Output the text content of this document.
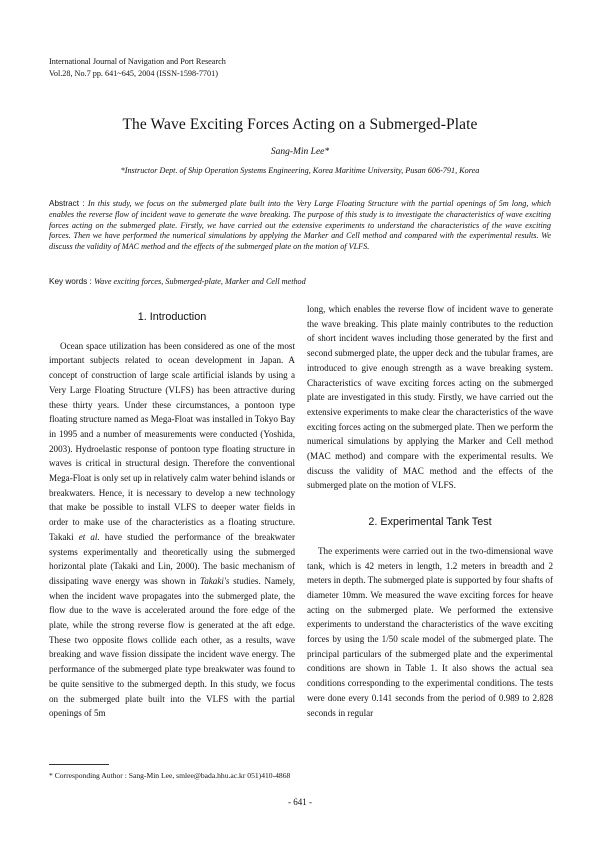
International Journal of Navigation and Port Research
Vol.28, No.7 pp. 641~645, 2004 (ISSN-1598-7701)
The Wave Exciting Forces Acting on a Submerged-Plate
Sang-Min Lee*
*Instructor Dept. of Ship Operation Systems Engineering, Korea Maritime University, Pusan 606-791, Korea
Abstract : In this study, we focus on the submerged plate built into the Very Large Floating Structure with the partial openings of 5m long, which enables the reverse flow of incident wave to generate the wave breaking. The purpose of this study is to investigate the characteristics of wave exciting forces acting on the submerged plate. Firstly, we have carried out the extensive experiments to understand the characteristics of the wave exciting forces. Then we have performed the numerical simulations by applying the Marker and Cell method and compared with the experimental results. We discuss the validity of MAC method and the effects of the submerged plate on the motion of VLFS.
Key words : Wave exciting forces, Submerged-plate, Marker and Cell method
1. Introduction

Ocean space utilization has been considered as one of the most important subjects related to ocean development in Japan. A concept of construction of large scale artificial islands by using a Very Large Floating Structure (VLFS) has been attractive during these thirty years. Under these circumstances, a pontoon type floating structure named as Mega-Float was installed in Tokyo Bay in 1995 and a number of measurements were conducted (Yoshida, 2003). Hydroelastic response of pontoon type floating structure in waves is critical in structural design. Therefore the conventional Mega-Float is only set up in relatively calm water behind islands or breakwaters. Hence, it is necessary to develop a new technology that make be possible to install VLFS to deeper water fields in order to make use of the characteristics as a floating structure. Takaki et al. have studied the performance of the breakwater systems experimentally and theoretically using the submerged horizontal plate (Takaki and Lin, 2000). The basic mechanism of dissipating wave energy was shown in Takaki's studies. Namely, when the incident wave propagates into the submerged plate, the flow due to the wave is accelerated around the fore edge of the plate, while the strong reverse flow is generated at the aft edge. These two opposite flows collide each other, as a results, wave breaking and wave fission dissipate the incident wave energy. The performance of the submerged plate type breakwater was found to be quite sensitive to the submerged depth. In this study, we focus on the submerged plate built into the VLFS with the partial openings of 5m

long, which enables the reverse flow of incident wave to generate the wave breaking. This plate mainly contributes to the reduction of short incident waves including those generated by the first and second submerged plate, the upper deck and the tubular frames, are introduced to give enough strength as a wave breaking system. Characteristics of wave exciting forces acting on the submerged plate are investigated in this study. Firstly, we have carried out the extensive experiments to make clear the characteristics of the wave exciting forces acting on the submerged plate. Then we perform the numerical simulations by applying the Marker and Cell method (MAC method) and compare with the experimental results. We discuss the validity of MAC method and the effects of the submerged plate on the motion of VLFS.

2. Experimental Tank Test

The experiments were carried out in the two-dimensional wave tank, which is 42 meters in length, 1.2 meters in breadth and 2 meters in depth. The submerged plate is supported by four shafts of diameter 10mm. We measured the wave exciting forces for heave acting on the submerged plate. We performed the extensive experiments to understand the characteristics of the wave exciting forces by using the 1/50 scale model of the submerged plate. The principal particulars of the submerged plate and the experimental conditions are shown in Table 1. It also shows the actual sea conditions corresponding to the experimental conditions. The tests were done every 0.141 seconds from the period of 0.989 to 2.828 seconds in regular

* Corresponding Author : Sang-Min Lee, smlee@bada.hhu.ac.kr 051)410-4868
- 641 -
